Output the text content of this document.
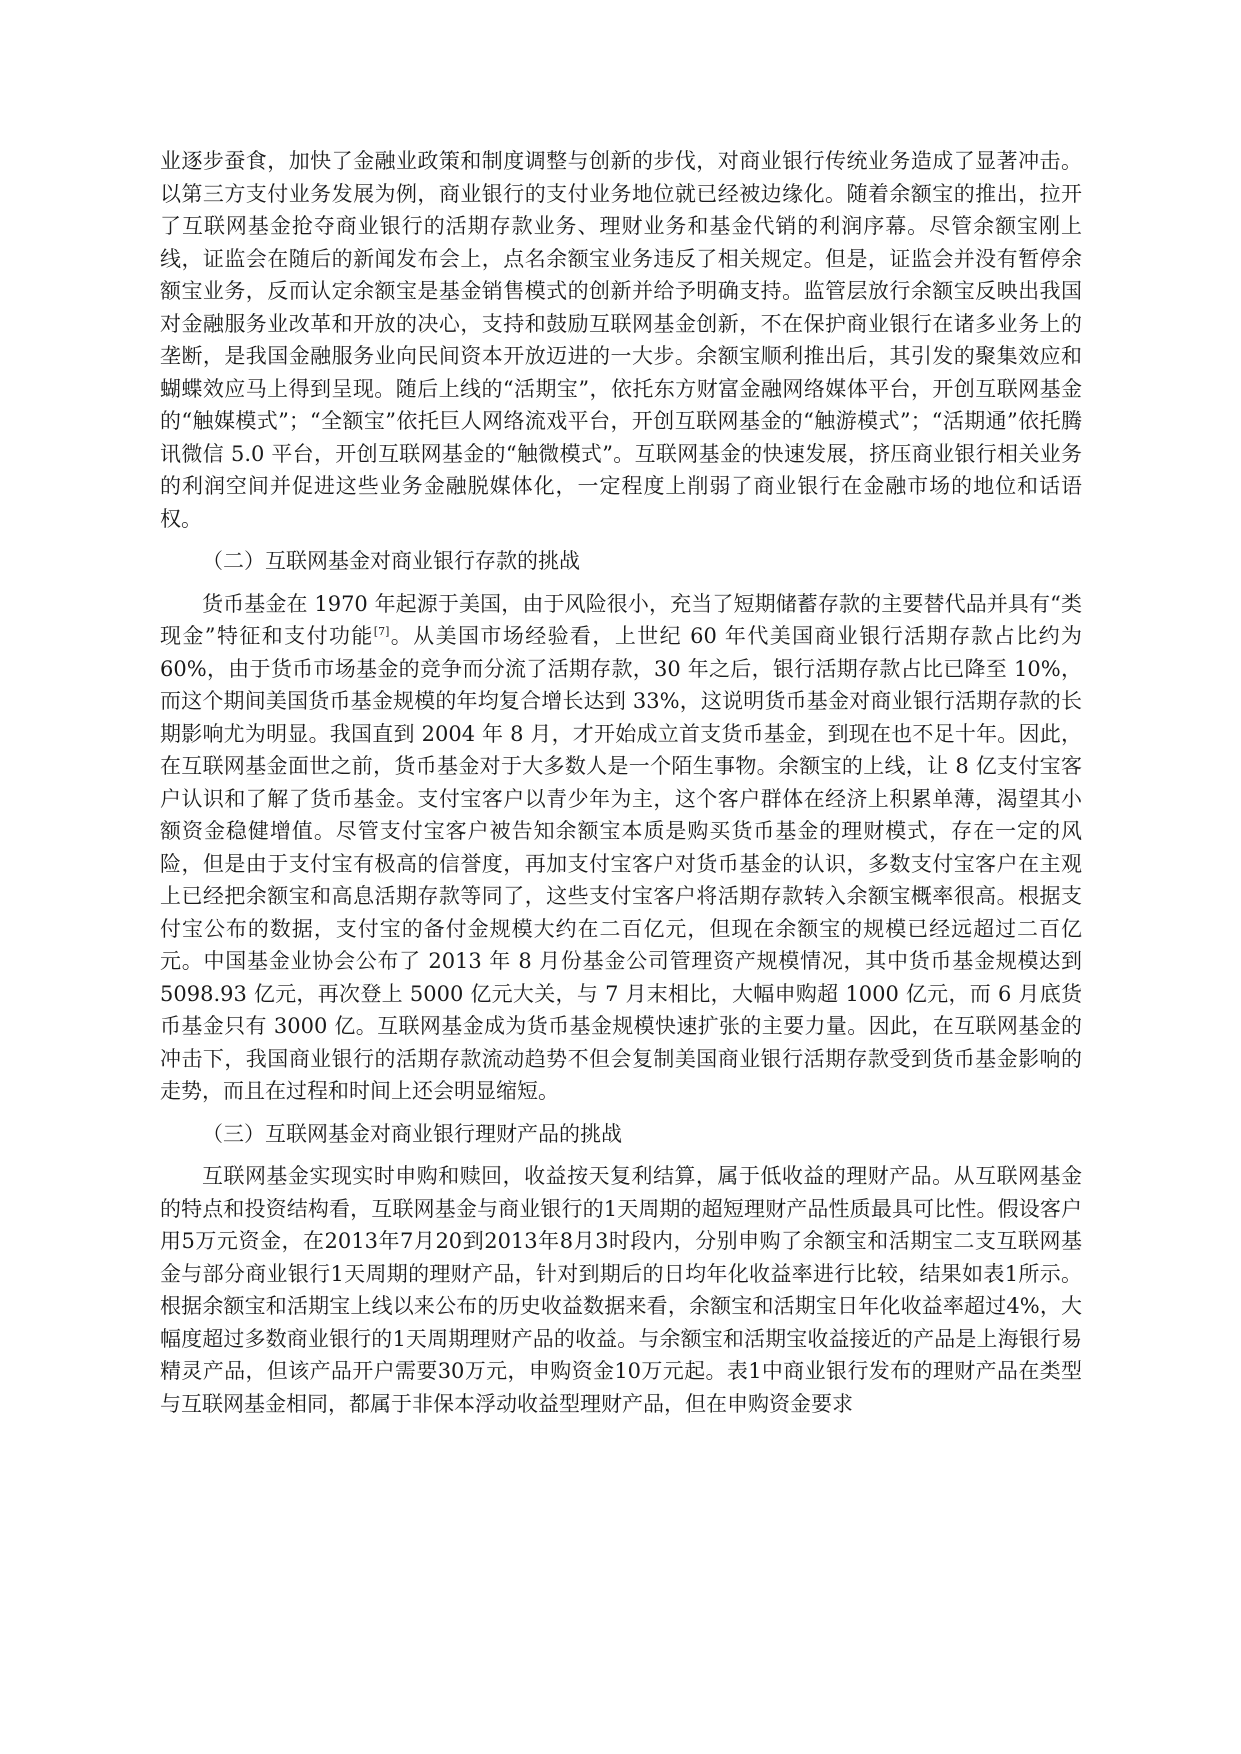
业逐步蚕食，加快了金融业政策和制度调整与创新的步伐，对商业银行传统业务造成了显著冲击。以第三方支付业务发展为例，商业银行的支付业务地位就已经被边缘化。随着余额宝的推出，拉开了互联网基金抢夺商业银行的活期存款业务、理财业务和基金代销的利润序幕。尽管余额宝刚上线，证监会在随后的新闻发布会上，点名余额宝业务违反了相关规定。但是，证监会并没有暂停余额宝业务，反而认定余额宝是基金销售模式的创新并给予明确支持。监管层放行余额宝反映出我国对金融服务业改革和开放的决心，支持和鼓励互联网基金创新，不在保护商业银行在诸多业务上的垄断，是我国金融服务业向民间资本开放迈进的一大步。余额宝顺利推出后，其引发的聚集效应和蝴蝶效应马上得到呈现。随后上线的“活期宝”，依托东方财富金融网络媒体平台，开创互联网基金的“触媒模式”；“全额宝”依托巨人网络流戏平台，开创互联网基金的“触游模式”；“活期通”依托腾讯微信 5.0 平台，开创互联网基金的“触微模式”。互联网基金的快速发展，挤压商业银行相关业务的利润空间并促进这些业务金融脱媒体化，一定程度上削弱了商业银行在金融市场的地位和话语权。

（二）互联网基金对商业银行存款的挑战

货币基金在 1970 年起源于美国，由于风险很小，充当了短期储蓄存款的主要替代品并具有“类现金”特征和支付功能[7]。从美国市场经验看，上世纪 60 年代美国商业银行活期存款占比约为 60%，由于货币市场基金的竞争而分流了活期存款，30 年之后，银行活期存款占比已降至 10%，而这个期间美国货币基金规模的年均复合增长达到 33%，这说明货币基金对商业银行活期存款的长期影响尤为明显。我国直到 2004 年 8 月，才开始成立首支货币基金，到现在也不足十年。因此，在互联网基金面世之前，货币基金对于大多数人是一个陌生事物。余额宝的上线，让 8 亿支付宝客户认识和了解了货币基金。支付宝客户以青少年为主，这个客户群体在经济上积累单薄，渴望其小额资金稳健增值。尽管支付宝客户被告知余额宝本质是购买货币基金的理财模式，存在一定的风险，但是由于支付宝有极高的信誉度，再加支付宝客户对货币基金的认识，多数支付宝客户在主观上已经把余额宝和高息活期存款等同了，这些支付宝客户将活期存款转入余额宝概率很高。根据支付宝公布的数据，支付宝的备付金规模大约在二百亿元，但现在余额宝的规模已经远超过二百亿元。中国基金业协会公布了 2013 年 8 月份基金公司管理资产规模情况，其中货币基金规模达到 5098.93 亿元，再次登上 5000 亿元大关，与 7 月末相比，大幅申购超 1000 亿元，而 6 月底货币基金只有 3000 亿。互联网基金成为货币基金规模快速扩张的主要力量。因此，在互联网基金的冲击下，我国商业银行的活期存款流动趋势不但会复制美国商业银行活期存款受到货币基金影响的走势，而且在过程和时间上还会明显缩短。

（三）互联网基金对商业银行理财产品的挑战

互联网基金实现实时申购和赎回，收益按天复利结算，属于低收益的理财产品。从互联网基金的特点和投资结构看，互联网基金与商业银行的1天周期的超短理财产品性质最具可比性。假设客户用5万元资金，在2013年7月20到2013年8月3时段内，分别申购了余额宝和活期宝二支互联网基金与部分商业银行1天周期的理财产品，针对到期后的日均年化收益率进行比较，结果如表1所示。根据余额宝和活期宝上线以来公布的历史收益数据来看，余额宝和活期宝日年化收益率超过4%，大幅度超过多数商业银行的1天周期理财产品的收益。与余额宝和活期宝收益接近的产品是上海银行易精灵产品，但该产品开户需要30万元，申购资金10万元起。表1中商业银行发布的理财产品在类型与互联网基金相同，都属于非保本浮动收益型理财产品，但在申购资金要求
